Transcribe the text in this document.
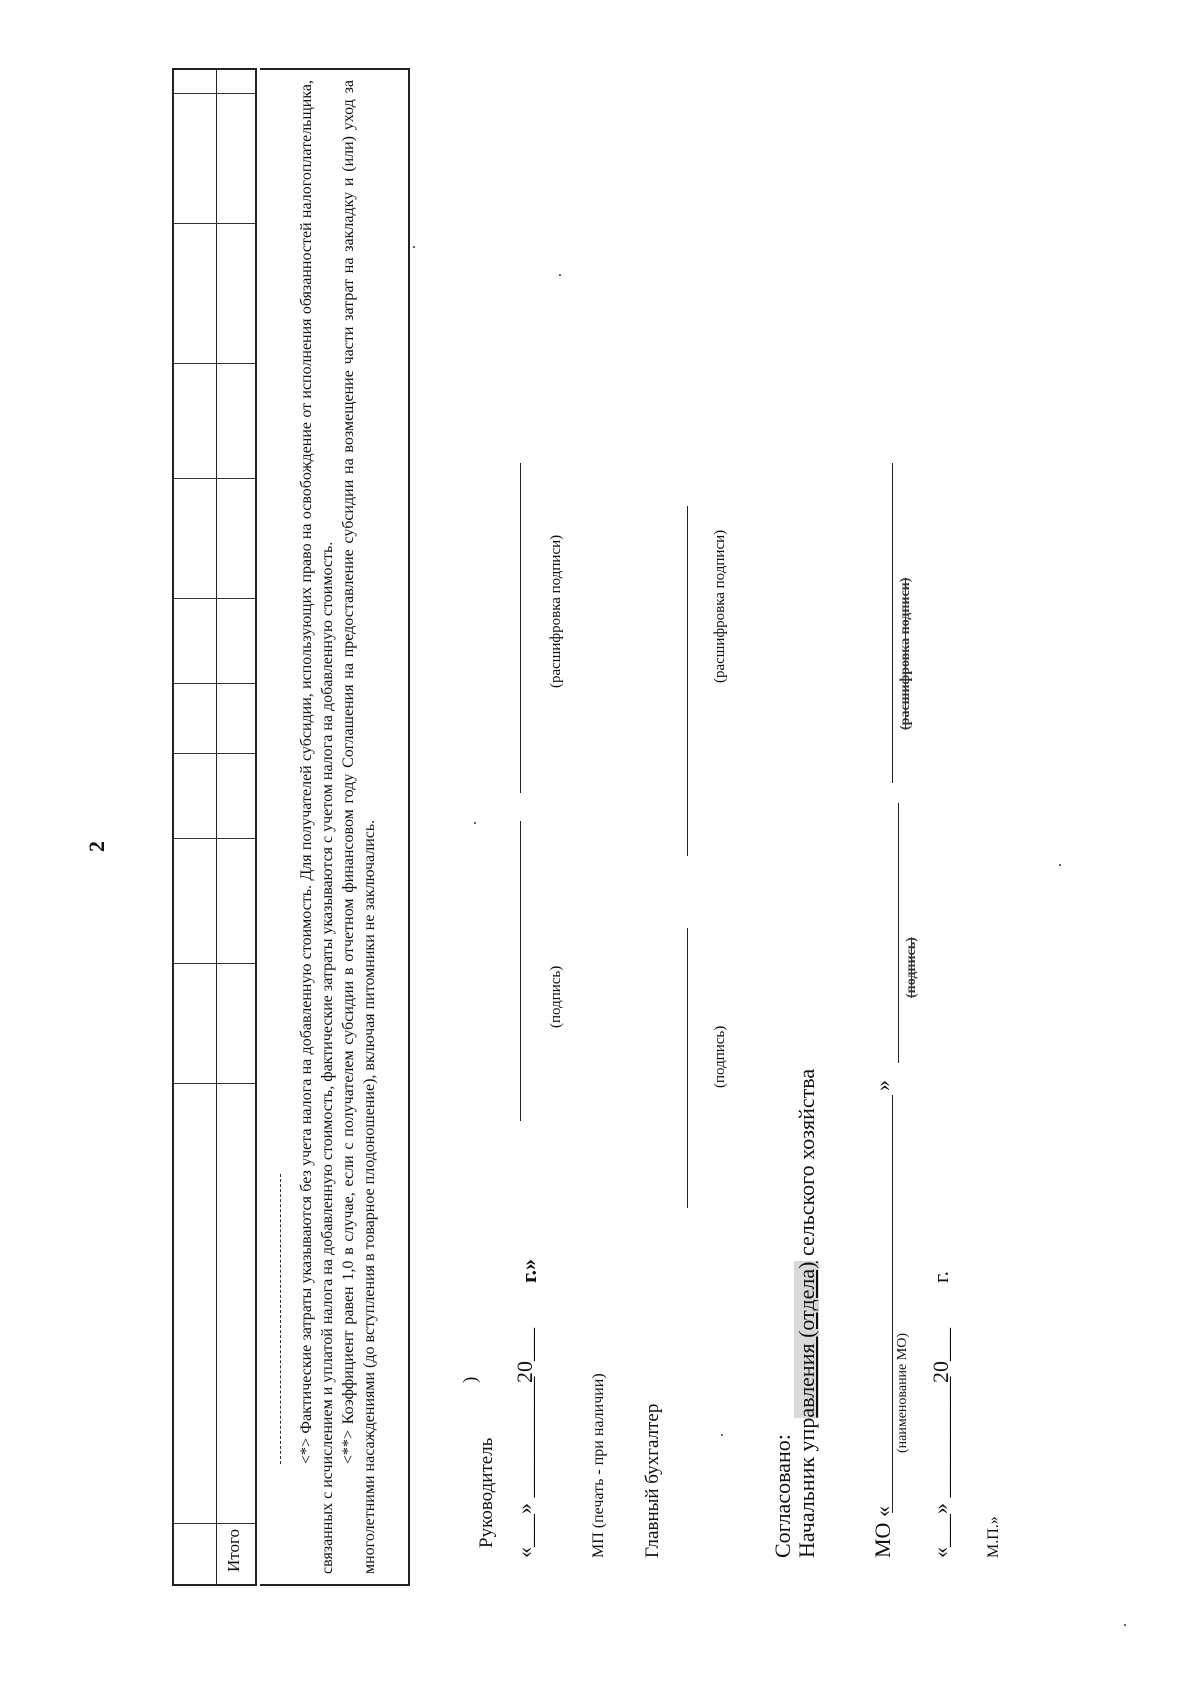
2
Итого

<*> Фактические затраты указываются без учета налога на добавленную стоимость. Для получателей субсидии, использующих право на освобождение от исполнения обязанностей налогоплательщика, связанных с исчислением и уплатой налога на добавленную стоимость, фактические затраты указываются с учетом налога на добавленную стоимость. <**> Коэффициент равен 1,0 в случае, если с получателем субсидии в отчетном финансовом году Соглашения на предоставление субсидии на возмещение части затрат на закладку и (или) уход за многолетними насаждениями (до вступления в товарное плодоношение), включая питомники не заключались.	)
Руководитель «___» ___________
20___
г.»
(подпись)
(расшифровка подписи)
МП (печать - при наличии) Главный бухгалтер
(подпись)
(расшифровка подписи)
Согласовано: Начальник управления (отдела) сельского хозяйства
МО «
»
(наименование МО)
(подпись)
(расшифровка подписи)
«___» ___________
20___
г.
М.П.»
·
·
·
·
·
·
